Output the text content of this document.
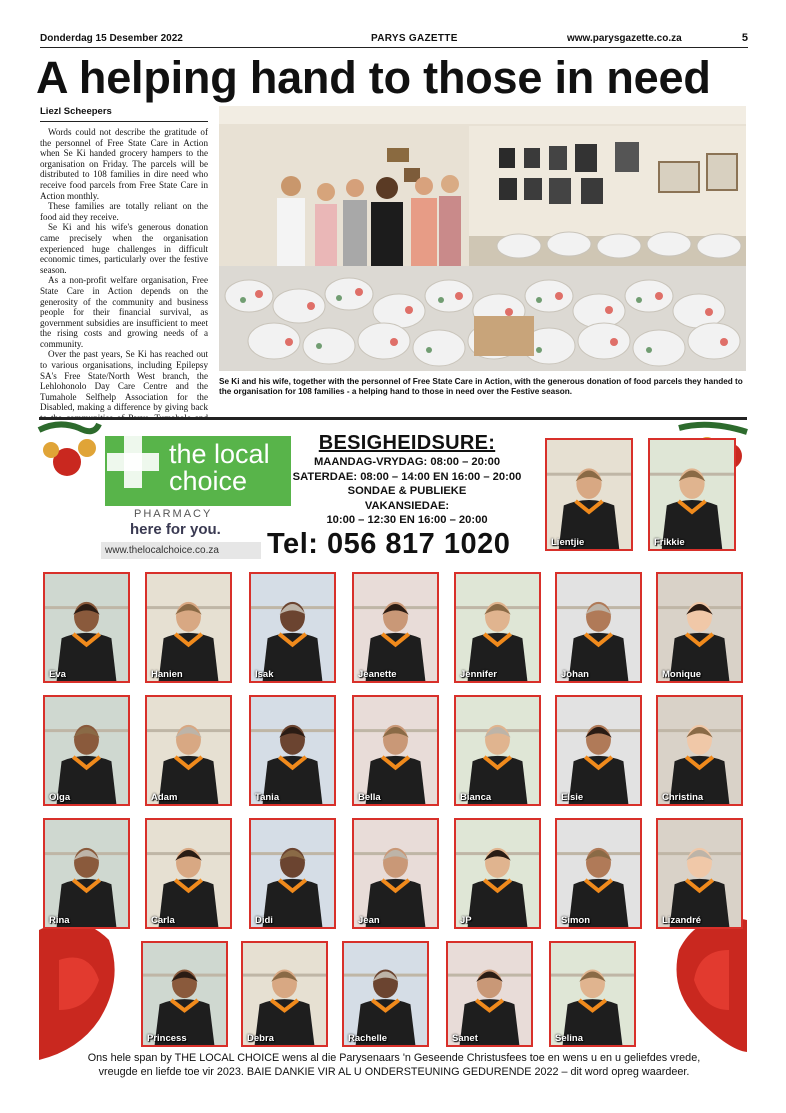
Donderdag 15 Desember 2022	PARYS GAZETTE	www.parysgazette.co.za	5
A helping hand to those in need
Liezl Scheepers

Words could not describe the gratitude of the personnel of Free State Care in Action when Se Ki handed grocery hampers to the organisation on Friday. The parcels will be distributed to 108 families in dire need who receive food parcels from Free State Care in Action monthly.

These families are totally reliant on the food aid they receive.

Se Ki and his wife's generous donation came precisely when the organisation experienced huge challenges in difficult economic times, particularly over the festive season.

As a non-profit welfare organisation, Free State Care in Action depends on the generosity of the community and business people for their financial survival, as government subsidies are insufficient to meet the rising costs and growing needs of a community.

Over the past years, Se Ki has reached out to various organisations, including Epilepsy SA's Free State/North West branch, the Lehlohonolo Day Care Centre and the Tumahole Selfhelp Association for the Disabled, making a difference by giving back

Se Ki and his wife, together with the personnel of Free State Care in Action, with the generous donation of food parcels they handed to the organisation for 108 families - a helping hand to those in need over the Festive season.
the local
choice
PHARMACY
here for you.
www.thelocalchoice.co.za
BESIGHEIDSURE:
MAANDAG-VRYDAG: 08:00 – 20:00
SATERDAE: 08:00 – 14:00 EN 16:00 – 20:00
SONDAE & PUBLIEKE
VAKANSIEDAE:
10:00 – 12:30 EN 16:00 – 20:00
Tel: 056 817 1020	Lientjie	Frikkie
Eva	Hanien	Isak	Jeanette	Jennifer	Johan	Monique
Olga	Adam	Tania	Bella	Bianca	Elsie	Christina
Rina	Carla	Didi	Jean	JP	Simon	Lizandré
Princess	Debra	Rachelle	Sanet	Selina
Ons hele span by THE LOCAL CHOICE wens al die Parysenaars 'n Geseende Christusfees toe en wens u en u geliefdes vrede, vreugde en liefde toe vir 2023. BAIE DANKIE VIR AL U ONDERSTEUNING GEDURENDE 2022 – dit word opreg waardeer.
